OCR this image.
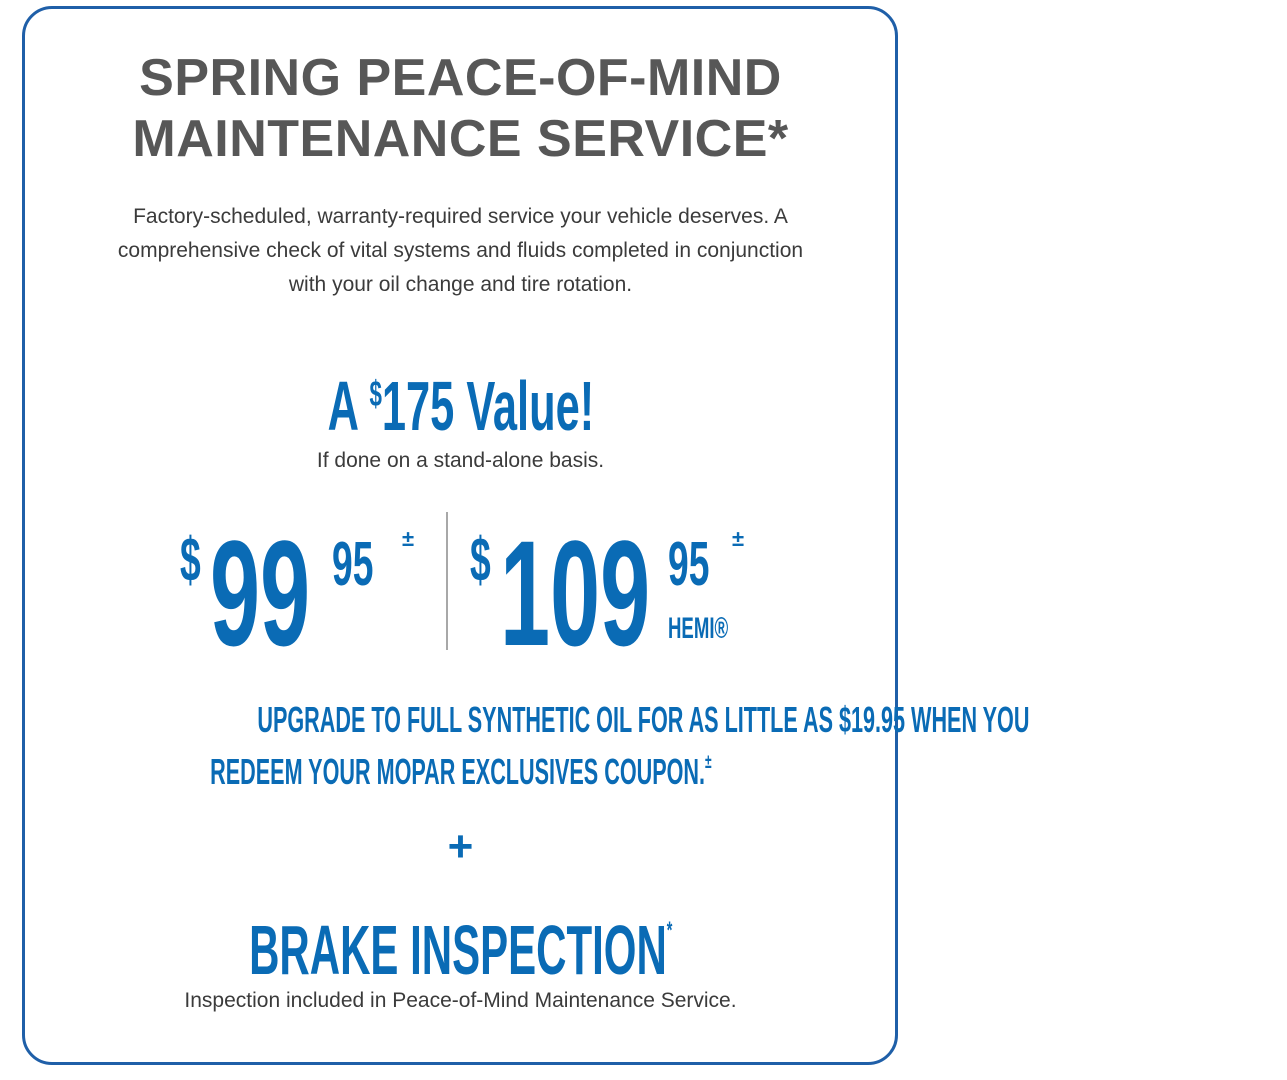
SPRING PEACE-OF-MIND
MAINTENANCE SERVICE*
Factory-scheduled, warranty-required service your vehicle deserves. A
comprehensive check of vital systems and fluids completed in conjunction
with your oil change and tire rotation.
A $175 Value!
If done on a stand-alone basis.
$ 99 95 ± $ 109 95 ±
HEMI®
UPGRADE TO FULL SYNTHETIC OIL FOR AS LITTLE AS $19.95 WHEN YOU
REDEEM YOUR MOPAR EXCLUSIVES COUPON.±
+
BRAKE INSPECTION*
Inspection included in Peace-of-Mind Maintenance Service.
